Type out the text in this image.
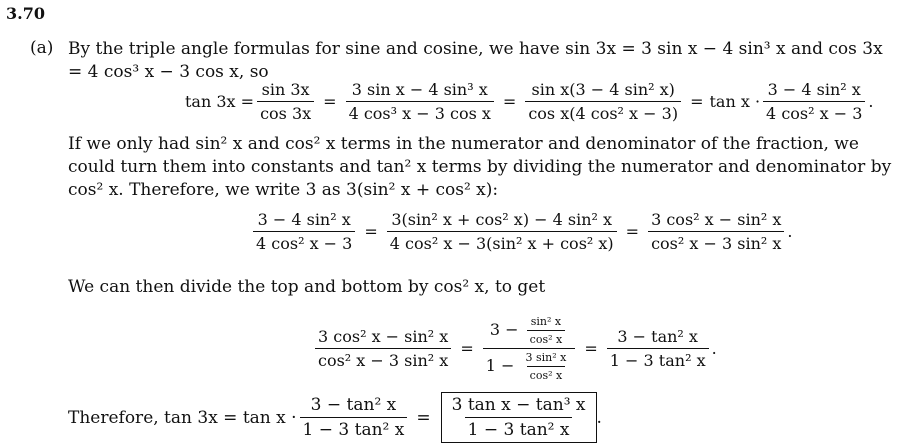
3.70
(a) By the triple angle formulas for sine and cosine, we have sin 3x = 3 sin x − 4 sin³ x and cos 3x = 4 cos³ x − 3 cos x, so
$\tan 3x = \frac{\sin 3x}{\cos 3x} = \frac{\text{3 sin x − 4 sin³ x}}{\text{4 cos³ x − 3 cos x}} = \frac{\text{sin x(3 − 4 sin² x)}}{\text{cos x(4 cos² x − 3)}} = \tan x \cdot \frac{\text{3 − 4 sin² x}}{\text{4 cos² x − 3}}$ .
If we only had sin² x and cos² x terms in the numerator and denominator of the fraction, we could turn them into constants and tan² x terms by dividing the numerator and denominator by cos² x. Therefore, we write 3 as 3(sin² x + cos² x):
$\frac{\text{3 − 4 sin² x}}{\text{4 cos² x − 3}} = \frac{\text{3(sin² x + cos² x) − 4 sin² x}}{\text{4 cos² x − 3(sin² x + cos² x)}} = \frac{\text{3 cos² x − sin² x}}{\text{cos² x − 3 sin² x}}$ .
We can then divide the top and bottom by cos² x, to get
$\frac{\text{3 cos² x − sin² x}}{\text{cos² x − 3 sin² x}} = \frac{3 - \frac{\text{sin² x}}{\text{cos² x}}}{1 - \frac{\text{3 sin² x}}{\text{cos² x}}} = \frac{\text{3 − tan² x}}{\text{1 − 3 tan² x}}$ .
Therefore, $\tan 3x = \tan x \cdot \frac{\text{3 − tan² x}}{\text{1 − 3 tan² x}} = \frac{\text{3 tan x − tan³ x}}{\text{1 − 3 tan² x}}$ .
